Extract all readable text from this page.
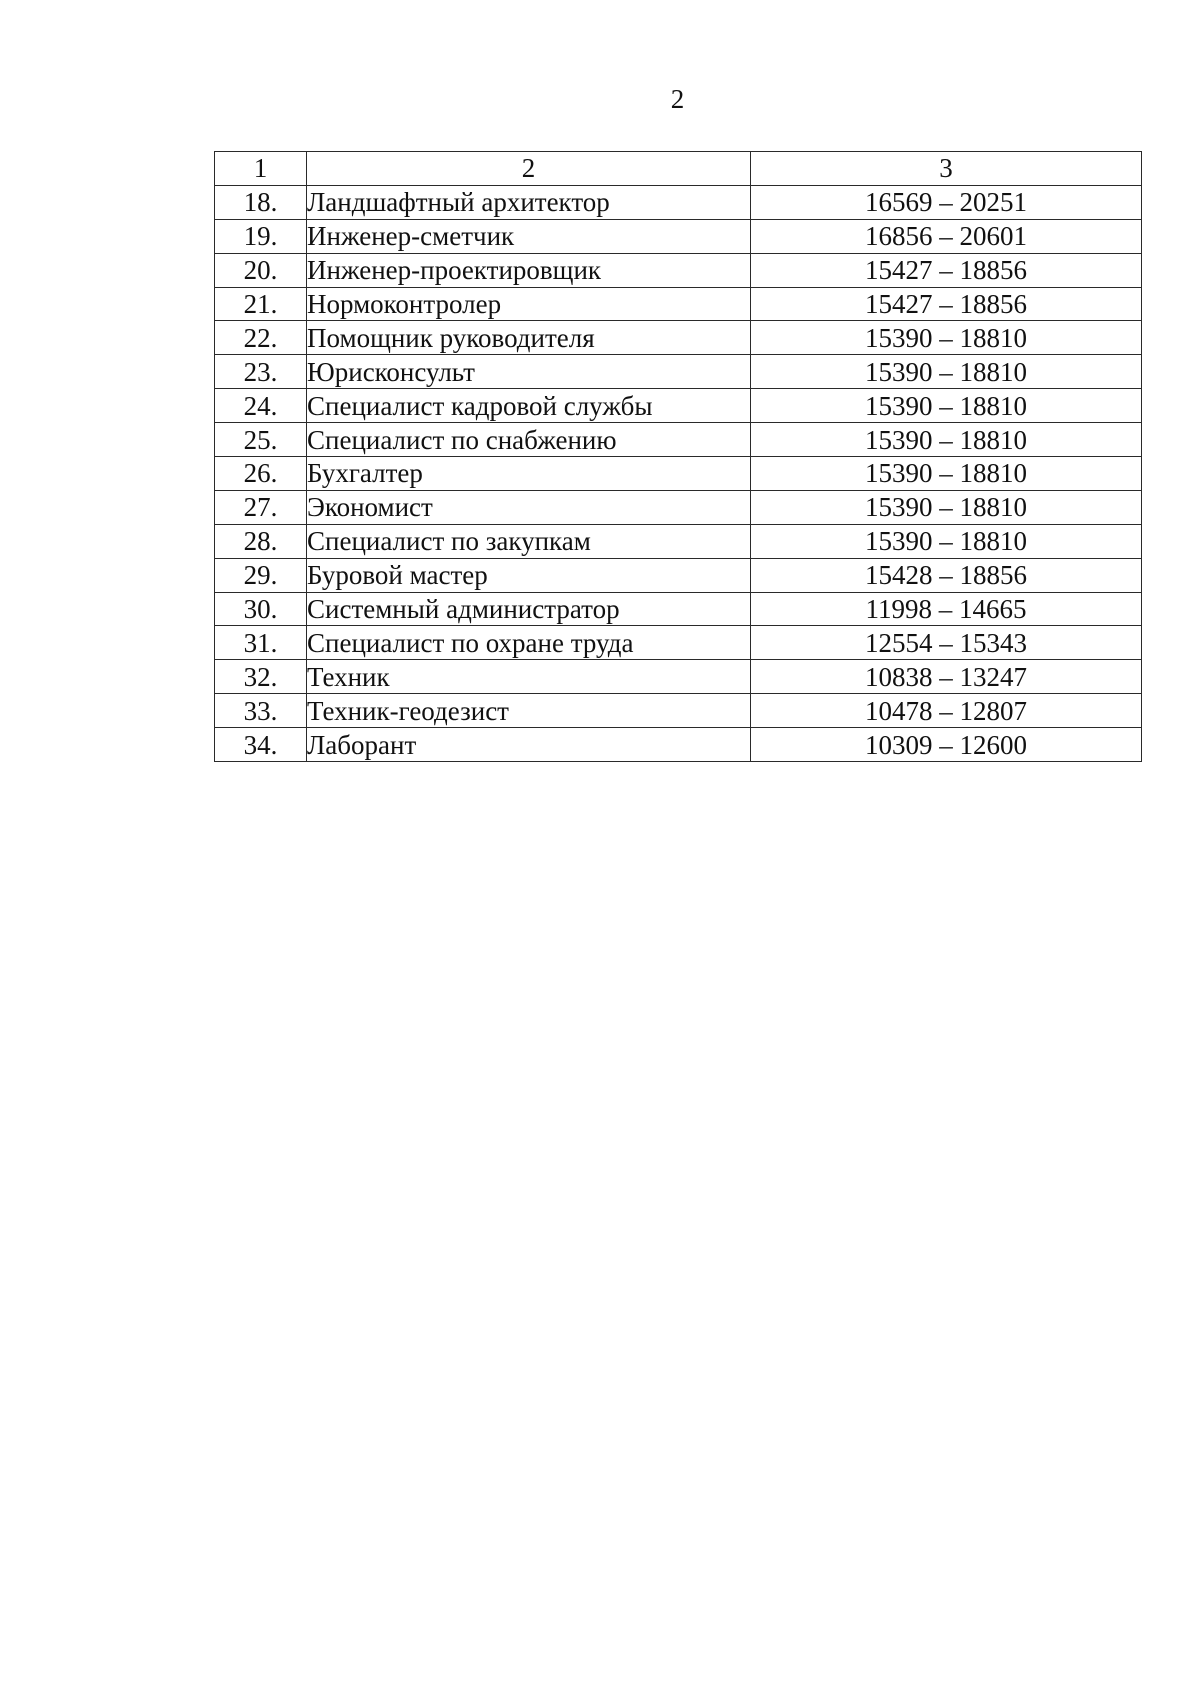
2
1	2	3
18.	Ландшафтный архитектор	16569 – 20251
19.	Инженер-сметчик	16856 – 20601
20.	Инженер-проектировщик	15427 – 18856
21.	Нормоконтролер	15427 – 18856
22.	Помощник руководителя	15390 – 18810
23.	Юрисконсульт	15390 – 18810
24.	Специалист кадровой службы	15390 – 18810
25.	Специалист по снабжению	15390 – 18810
26.	Бухгалтер	15390 – 18810
27.	Экономист	15390 – 18810
28.	Специалист по закупкам	15390 – 18810
29.	Буровой мастер	15428 – 18856
30.	Системный администратор	11998 – 14665
31.	Специалист по охране труда	12554 – 15343
32.	Техник	10838 – 13247
33.	Техник-геодезист	10478 – 12807
34.	Лаборант	10309 – 12600
